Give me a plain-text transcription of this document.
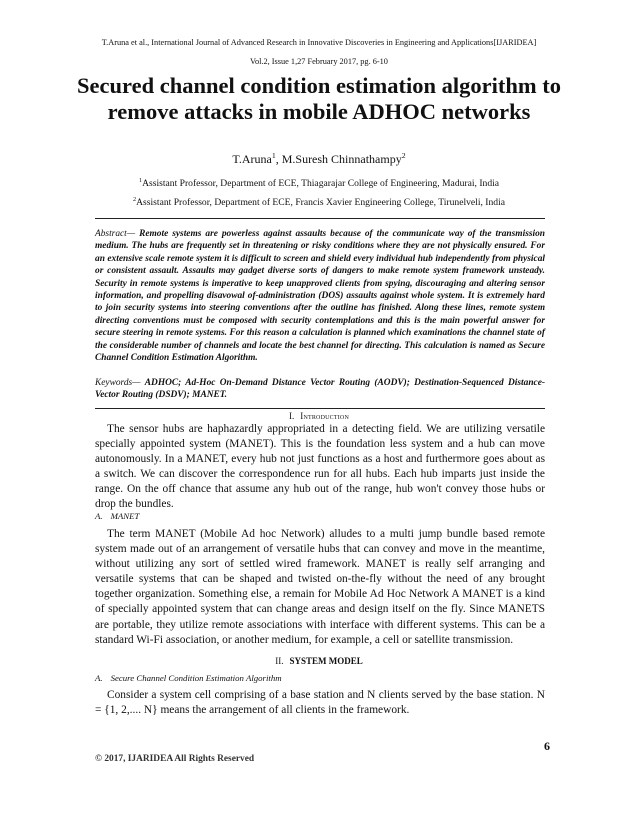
T.Aruna et al., International Journal of Advanced Research in Innovative Discoveries in Engineering and Applications[IJARIDEA]
Vol.2, Issue 1,27 February 2017, pg. 6-10
Secured channel condition estimation algorithm to remove attacks in mobile ADHOC networks
T.Aruna$^1$, M.Suresh Chinnathampy$^2$
$^1$Assistant Professor, Department of ECE, Thiagarajar College of Engineering, Madurai, India
$^2$Assistant Professor, Department of ECE, Francis Xavier Engineering College, Tirunelveli, India
Abstract— Remote systems are powerless against assaults because of the communicate way of the transmission medium. The hubs are frequently set in threatening or risky conditions where they are not physically ensured. For an extensive scale remote system it is difficult to screen and shield every individual hub independently from physical or consistent assault. Assaults may gadget diverse sorts of dangers to make remote system framework unsteady. Security in remote systems is imperative to keep unapproved clients from spying, discouraging and altering sensor information, and propelling disavowal of-administration (DOS) assaults against whole system. It is extremely hard to join security systems into steering conventions after the outline has finished. Along these lines, remote system directing conventions must be composed with security contemplations and this is the main powerful answer for secure steering in remote systems. For this reason a calculation is planned which examinations the channel state of the considerable number of channels and locate the best channel for directing. This calculation is named as Secure Channel Condition Estimation Algorithm.
Keywords— ADHOC; Ad-Hoc On-Demand Distance Vector Routing (AODV); Destination-Sequenced Distance-Vector Routing (DSDV); MANET.
I. Introduction
The sensor hubs are haphazardly appropriated in a detecting field. We are utilizing versatile specially appointed system (MANET). This is the foundation less system and a hub can move autonomously. In a MANET, every hub not just functions as a host and furthermore goes about as a switch. We can discover the correspondence run for all hubs. Each hub imparts just inside the range. On the off chance that assume any hub out of the range, hub won't convey those hubs or drop the bundles.
A. MANET
The term MANET (Mobile Ad hoc Network) alludes to a multi jump bundle based remote system made out of an arrangement of versatile hubs that can convey and move in the meantime, without utilizing any sort of settled wired framework. MANET is really self arranging and versatile systems that can be shaped and twisted on-the-fly without the need of any brought together organization. Something else, a remain for Mobile Ad Hoc Network A MANET is a kind of specially appointed system that can change areas and design itself on the fly. Since MANETS are portable, they utilize remote associations with interface with different systems. This can be a standard Wi-Fi association, or another medium, for example, a cell or satellite transmission.
II. SYSTEM MODEL
A. Secure Channel Condition Estimation Algorithm
Consider a system cell comprising of a base station and N clients served by the base station. N = {1, 2,.... N} means the arrangement of all clients in the framework.
6
© 2017, IJARIDEA All Rights Reserved
